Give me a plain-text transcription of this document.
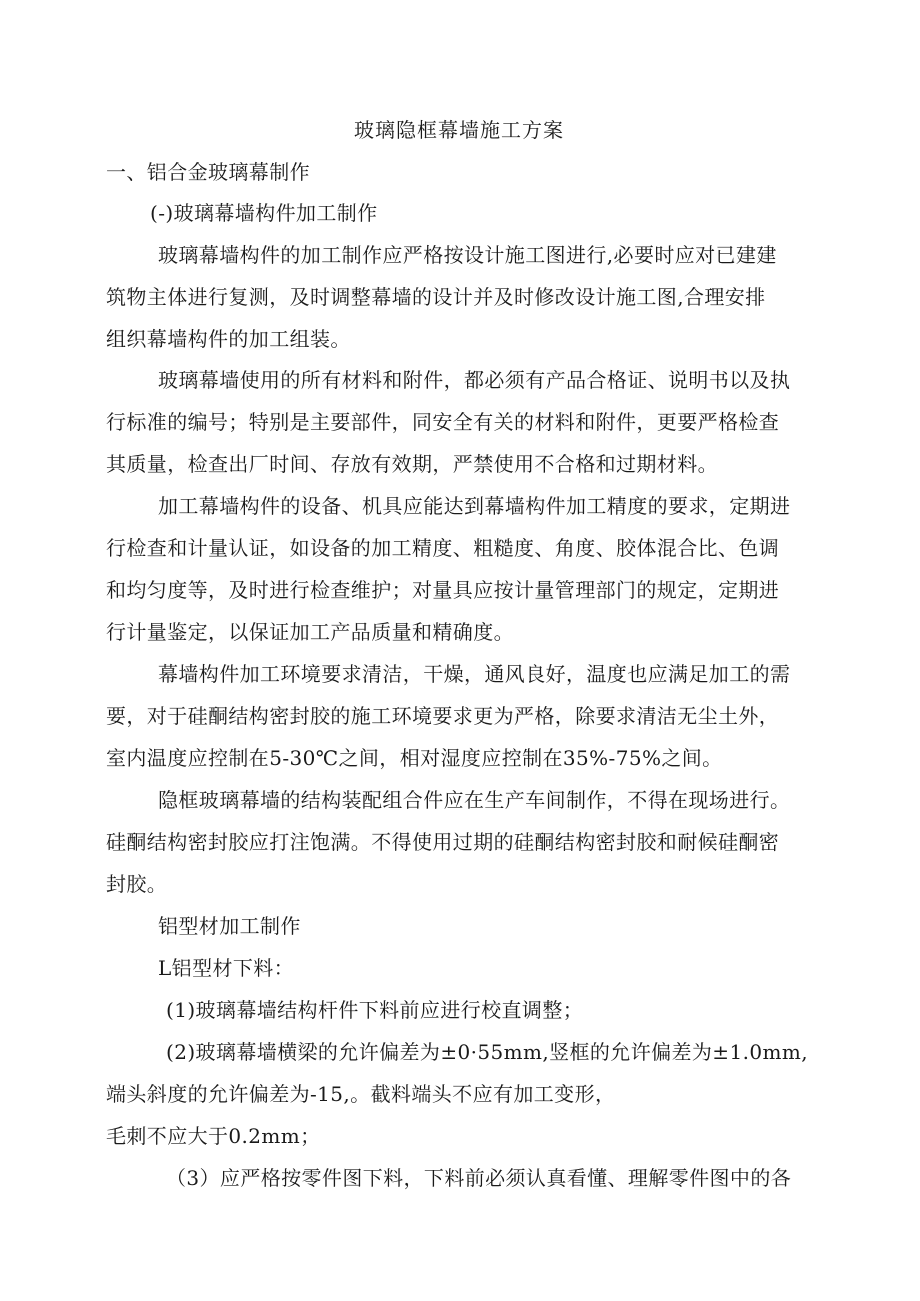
玻璃隐框幕墙施工方案
一、铝合金玻璃幕制作
(-)玻璃幕墙构件加工制作
玻璃幕墙构件的加工制作应严格按设计施工图进行,必要时应对已建建
筑物主体进行复测，及时调整幕墙的设计并及时修改设计施工图,合理安排
组织幕墙构件的加工组装。
玻璃幕墙使用的所有材料和附件，都必须有产品合格证、说明书以及执
行标准的编号；特别是主要部件，同安全有关的材料和附件，更要严格检查
其质量，检查出厂时间、存放有效期，严禁使用不合格和过期材料。
加工幕墙构件的设备、机具应能达到幕墙构件加工精度的要求，定期进
行检查和计量认证，如设备的加工精度、粗糙度、角度、胶体混合比、色调
和均匀度等，及时进行检查维护；对量具应按计量管理部门的规定，定期进
行计量鉴定，以保证加工产品质量和精确度。
幕墙构件加工环境要求清洁，干燥，通风良好，温度也应满足加工的需
要，对于硅酮结构密封胶的施工环境要求更为严格，除要求清洁无尘土外，
室内温度应控制在5-30℃之间，相对湿度应控制在35%-75%之间。
隐框玻璃幕墙的结构装配组合件应在生产车间制作，不得在现场进行。
硅酮结构密封胶应打注饱满。不得使用过期的硅酮结构密封胶和耐候硅酮密
封胶。
铝型材加工制作
L铝型材下料：
(1)玻璃幕墙结构杆件下料前应进行校直调整；
(2)玻璃幕墙横梁的允许偏差为±0·55mm,竖框的允许偏差为±1.0mm,
端头斜度的允许偏差为-15,。截料端头不应有加工变形，
毛刺不应大于0.2mm；
（3）应严格按零件图下料，下料前必须认真看懂、理解零件图中的各
